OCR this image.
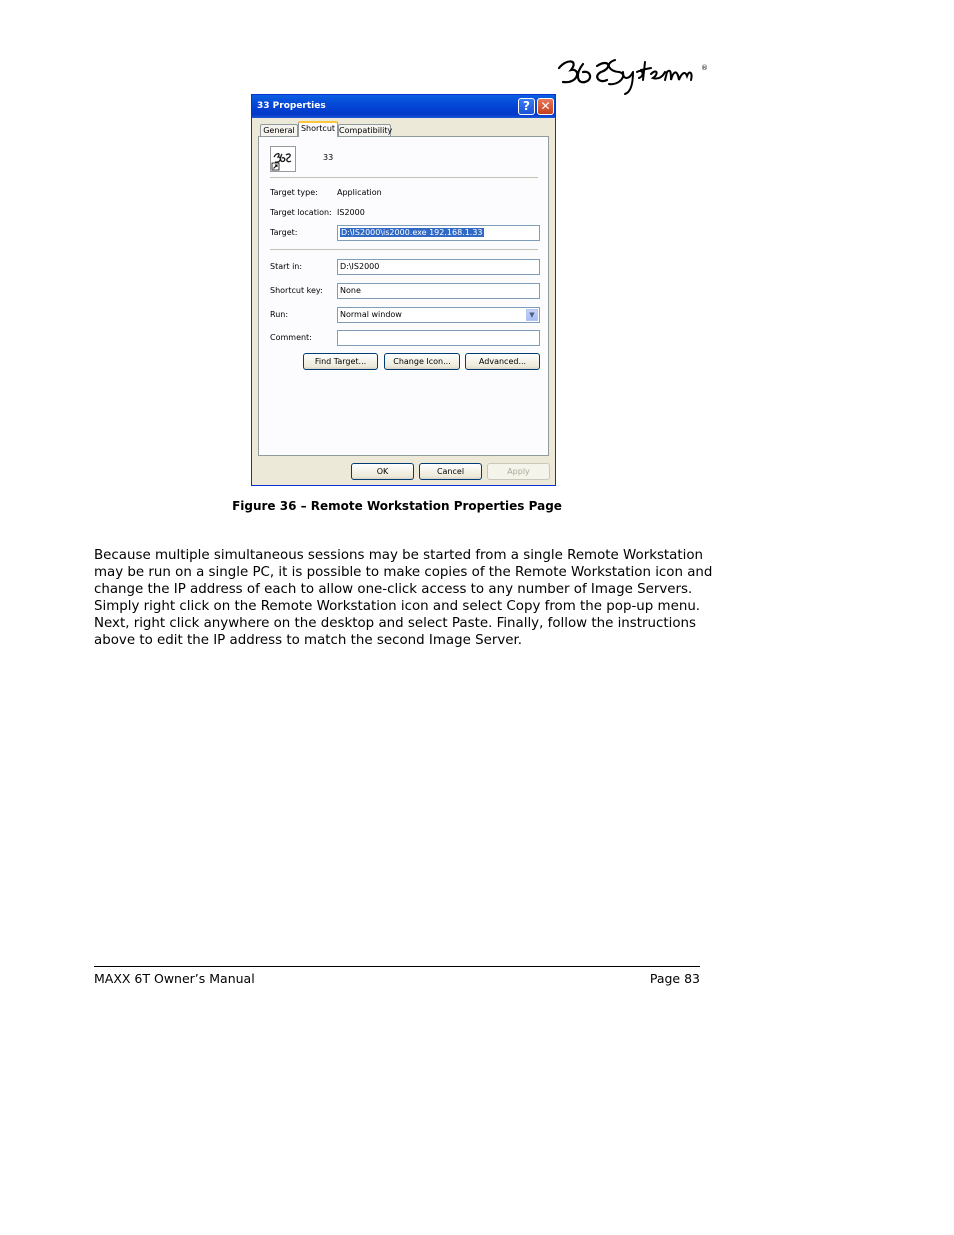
®
33 Properties	? ✕
General Shortcut Compatibility
33
Target type: Application
Target location: IS2000
Target:	D:\IS2000\is2000.exe 192.168.1.33
Start in:	D:\IS2000
Shortcut key:	None
Run:	Normal window	▼
Comment:
Find Target...	Change Icon...	Advanced...
OK	Cancel	Apply
Figure 36 – Remote Workstation Properties Page

Because multiple simultaneous sessions may be started from a single Remote Workstation may be run on a single PC, it is possible to make copies of the Remote Workstation icon and change the IP address of each to allow one-click access to any number of Image Servers. Simply right click on the Remote Workstation icon and select Copy from the pop-up menu. Next, right click anywhere on the desktop and select Paste. Finally, follow the instructions above to edit the IP address to match the second Image Server.

MAXX 6T Owner’s Manual	Page 83
